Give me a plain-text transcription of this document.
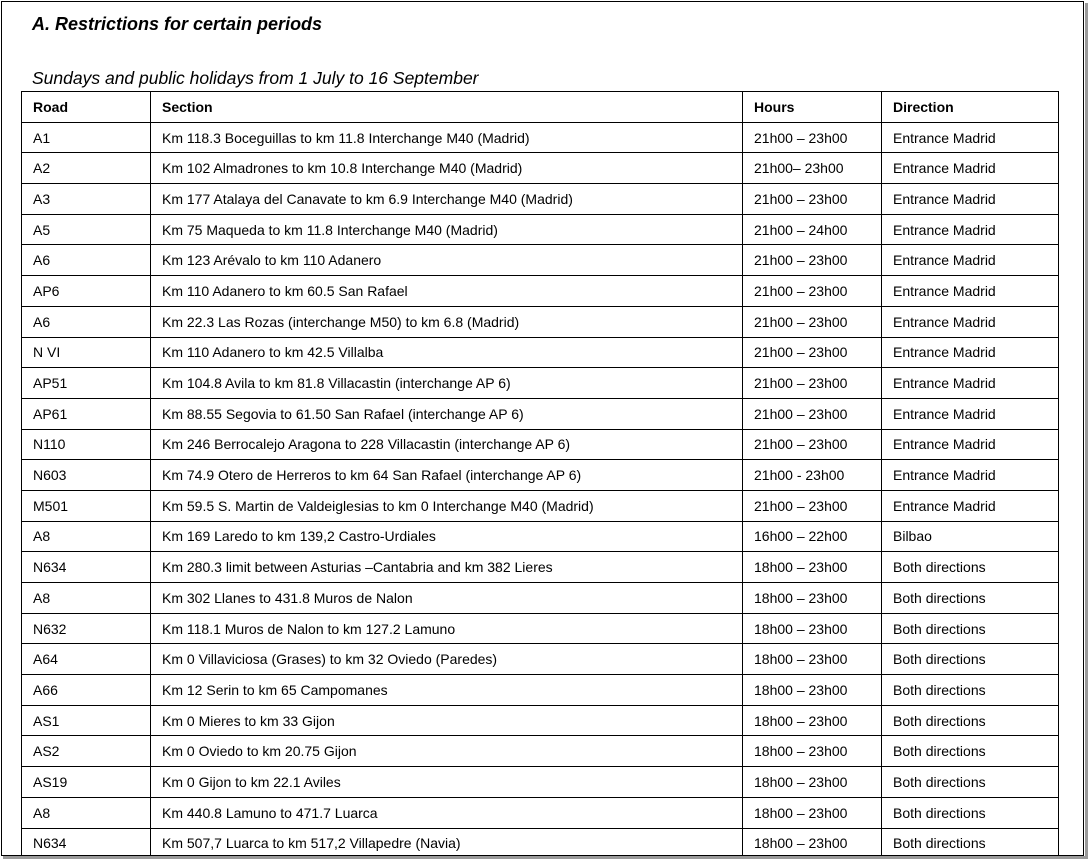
A. Restrictions for certain periods
Sundays and public holidays from 1 July to 16 September
Road	Section	Hours	Direction
A1	Km 118.3 Boceguillas to km 11.8 Interchange M40 (Madrid)	21h00 – 23h00	Entrance Madrid
A2	Km 102 Almadrones to km 10.8 Interchange M40 (Madrid)	21h00– 23h00	Entrance Madrid
A3	Km 177 Atalaya del Canavate to km 6.9 Interchange M40 (Madrid)	21h00 – 23h00	Entrance Madrid
A5	Km 75 Maqueda to km 11.8 Interchange M40 (Madrid)	21h00 – 24h00	Entrance Madrid
A6	Km 123 Arévalo to km 110 Adanero	21h00 – 23h00	Entrance Madrid
AP6	Km 110 Adanero to km 60.5 San Rafael	21h00 – 23h00	Entrance Madrid
A6	Km 22.3 Las Rozas (interchange M50) to km 6.8 (Madrid)	21h00 – 23h00	Entrance Madrid
N VI	Km 110 Adanero to km 42.5 Villalba	21h00 – 23h00	Entrance Madrid
AP51	Km 104.8 Avila to km 81.8 Villacastin (interchange AP 6)	21h00 – 23h00	Entrance Madrid
AP61	Km 88.55 Segovia to 61.50 San Rafael (interchange AP 6)	21h00 – 23h00	Entrance Madrid
N110	Km 246 Berrocalejo Aragona to 228 Villacastin (interchange AP 6)	21h00 – 23h00	Entrance Madrid
N603	Km 74.9 Otero de Herreros to km 64 San Rafael (interchange AP 6)	21h00 - 23h00	Entrance Madrid
M501	Km 59.5 S. Martin de Valdeiglesias to km 0 Interchange M40 (Madrid)	21h00 – 23h00	Entrance Madrid
A8	Km 169 Laredo to km 139,2 Castro-Urdiales	16h00 – 22h00	Bilbao
N634	Km 280.3 limit between Asturias –Cantabria and km 382 Lieres	18h00 – 23h00	Both directions
A8	Km 302 Llanes to 431.8 Muros de Nalon	18h00 – 23h00	Both directions
N632	Km 118.1 Muros de Nalon to km 127.2 Lamuno	18h00 – 23h00	Both directions
A64	Km 0 Villaviciosa (Grases) to km 32 Oviedo (Paredes)	18h00 – 23h00	Both directions
A66	Km 12 Serin to km 65 Campomanes	18h00 – 23h00	Both directions
AS1	Km 0 Mieres to km 33 Gijon	18h00 – 23h00	Both directions
AS2	Km 0 Oviedo to km 20.75 Gijon	18h00 – 23h00	Both directions
AS19	Km 0 Gijon to km 22.1 Aviles	18h00 – 23h00	Both directions
A8	Km 440.8 Lamuno to 471.7 Luarca	18h00 – 23h00	Both directions
N634	Km 507,7 Luarca to km 517,2 Villapedre (Navia)	18h00 – 23h00	Both directions
